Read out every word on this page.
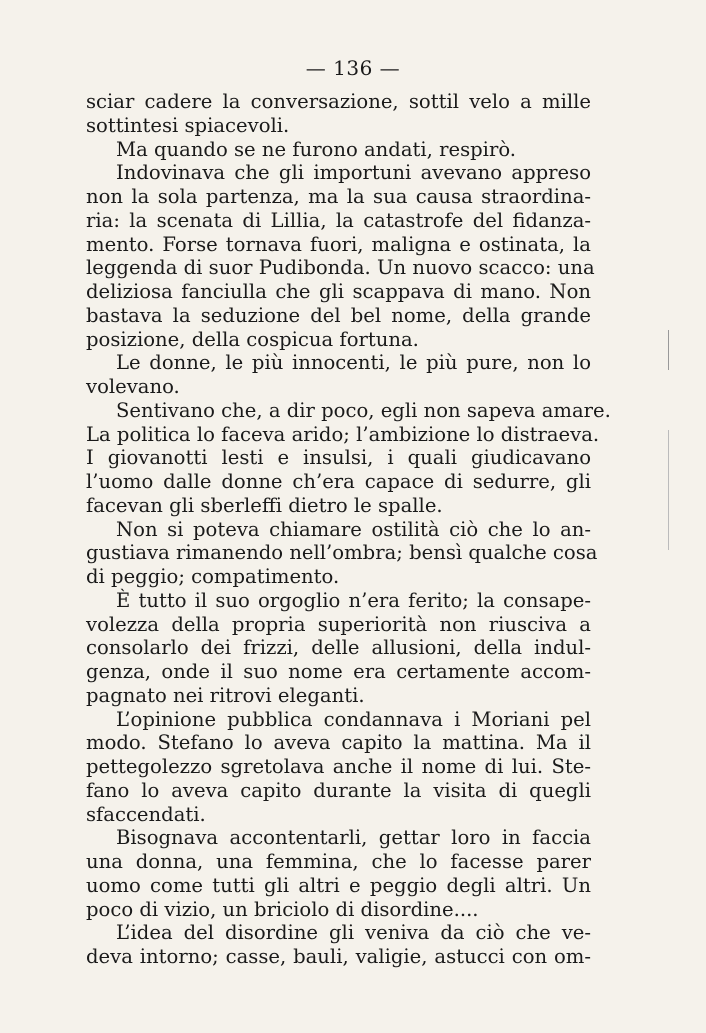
— 136 —
sciar cadere la conversazione, sottil velo a mille
sottintesi spiacevoli.
Ma quando se ne furono andati, respirò.
Indovinava che gli importuni avevano appreso
non la sola partenza, ma la sua causa straordina-
ria: la scenata di Lillia, la catastrofe del fidanza-
mento. Forse tornava fuori, maligna e ostinata, la
leggenda di suor Pudibonda. Un nuovo scacco: una
deliziosa fanciulla che gli scappava di mano. Non
bastava la seduzione del bel nome, della grande
posizione, della cospicua fortuna.
Le donne, le più innocenti, le più pure, non lo
volevano.
Sentivano che, a dir poco, egli non sapeva amare.
La politica lo faceva arido; l’ambizione lo distraeva.
I giovanotti lesti e insulsi, i quali giudicavano
l’uomo dalle donne ch’era capace di sedurre, gli
facevan gli sberleffi dietro le spalle.
Non si poteva chiamare ostilità ciò che lo an-
gustiava rimanendo nell’ombra; bensì qualche cosa
di peggio; compatimento.
È tutto il suo orgoglio n’era ferito; la consape-
volezza della propria superiorità non riusciva a
consolarlo dei frizzi, delle allusioni, della indul-
genza, onde il suo nome era certamente accom-
pagnato nei ritrovi eleganti.
L’opinione pubblica condannava i Moriani pel
modo. Stefano lo aveva capito la mattina. Ma il
pettegolezzo sgretolava anche il nome di lui. Ste-
fano lo aveva capito durante la visita di quegli
sfaccendati.
Bisognava accontentarli, gettar loro in faccia
una donna, una femmina, che lo facesse parer
uomo come tutti gli altri e peggio degli altri. Un
poco di vizio, un briciolo di disordine....
L’idea del disordine gli veniva da ciò che ve-
deva intorno; casse, bauli, valigie, astucci con om-
